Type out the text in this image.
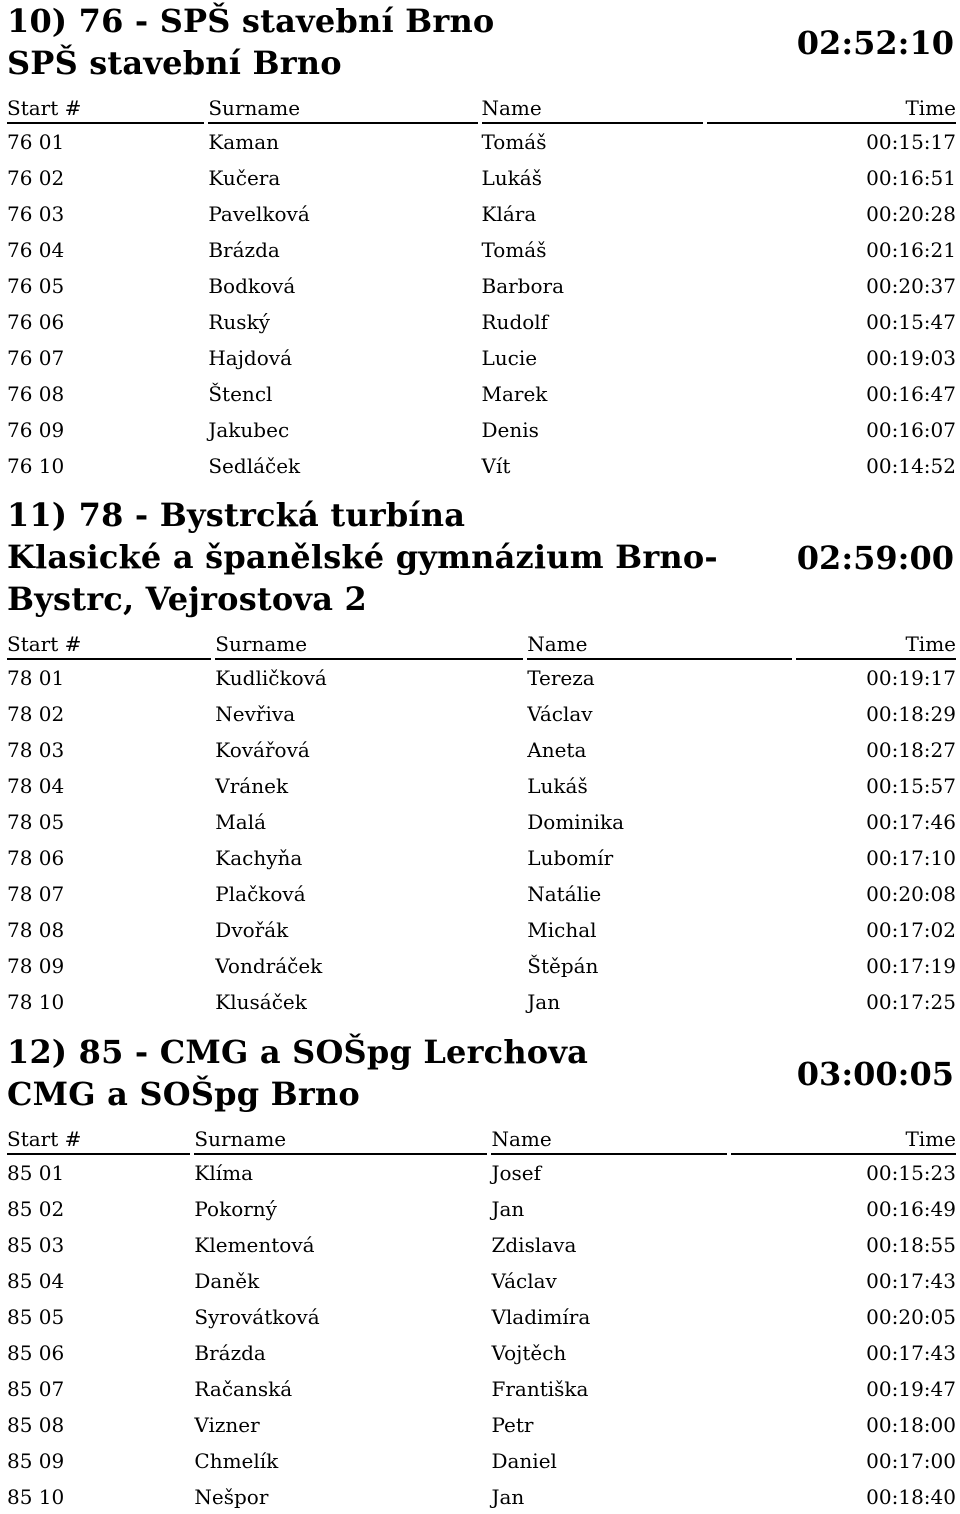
10) 76 - SPŠ stavební Brno
SPŠ stavební Brno
02:52:10
Start #	Surname	Name	Time
76 01	Kaman	Tomáš	00:15:17
76 02	Kučera	Lukáš	00:16:51
76 03	Pavelková	Klára	00:20:28
76 04	Brázda	Tomáš	00:16:21
76 05	Bodková	Barbora	00:20:37
76 06	Ruský	Rudolf	00:15:47
76 07	Hajdová	Lucie	00:19:03
76 08	Štencl	Marek	00:16:47
76 09	Jakubec	Denis	00:16:07
76 10	Sedláček	Vít	00:14:52
11) 78 - Bystrcká turbína
Klasické a španělské gymnázium Brno-Bystrc, Vejrostova 2
02:59:00
Start #	Surname	Name	Time
78 01	Kudličková	Tereza	00:19:17
78 02	Nevřiva	Václav	00:18:29
78 03	Kovářová	Aneta	00:18:27
78 04	Vránek	Lukáš	00:15:57
78 05	Malá	Dominika	00:17:46
78 06	Kachyňa	Lubomír	00:17:10
78 07	Plačková	Natálie	00:20:08
78 08	Dvořák	Michal	00:17:02
78 09	Vondráček	Štěpán	00:17:19
78 10	Klusáček	Jan	00:17:25
12) 85 - CMG a SOŠpg Lerchova
CMG a SOŠpg Brno
03:00:05
Start #	Surname	Name	Time
85 01	Klíma	Josef	00:15:23
85 02	Pokorný	Jan	00:16:49
85 03	Klementová	Zdislava	00:18:55
85 04	Daněk	Václav	00:17:43
85 05	Syrovátková	Vladimíra	00:20:05
85 06	Brázda	Vojtěch	00:17:43
85 07	Račanská	Františka	00:19:47
85 08	Vizner	Petr	00:18:00
85 09	Chmelík	Daniel	00:17:00
85 10	Nešpor	Jan	00:18:40
